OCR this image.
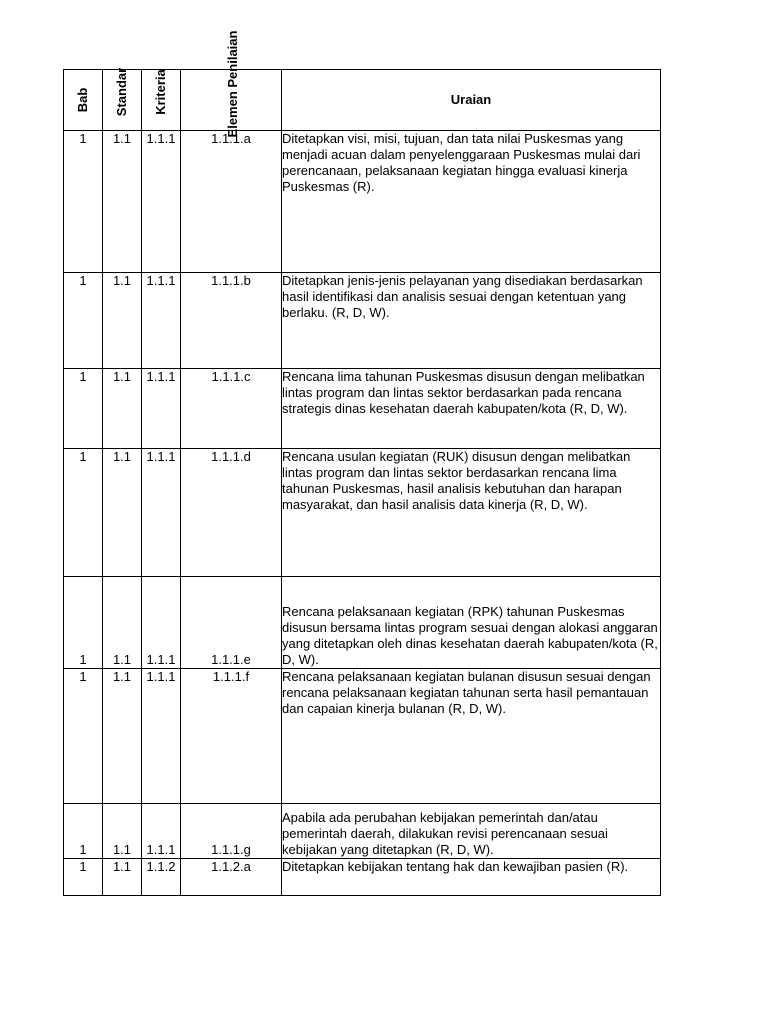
Bab	Standar	Kriteria	Elemen Penilaian	Uraian
1	1.1	1.1.1	1.1.1.a	Ditetapkan visi, misi, tujuan, dan tata nilai Puskesmas yang menjadi acuan dalam penyelenggaraan Puskesmas mulai dari perencanaan, pelaksanaan kegiatan hingga evaluasi kinerja Puskesmas (R).
1	1.1	1.1.1	1.1.1.b	Ditetapkan jenis-jenis pelayanan yang disediakan berdasarkan hasil identifikasi dan analisis sesuai dengan ketentuan yang berlaku. (R, D, W).
1	1.1	1.1.1	1.1.1.c	Rencana lima tahunan Puskesmas disusun dengan melibatkan lintas program dan lintas sektor berdasarkan pada rencana strategis dinas kesehatan daerah kabupaten/kota (R, D, W).
1	1.1	1.1.1	1.1.1.d	Rencana usulan kegiatan (RUK) disusun dengan melibatkan lintas program dan lintas sektor berdasarkan rencana lima tahunan Puskesmas, hasil analisis kebutuhan dan harapan masyarakat, dan hasil analisis data kinerja (R, D, W).
1	1.1	1.1.1	1.1.1.e	Rencana pelaksanaan kegiatan (RPK) tahunan Puskesmas disusun bersama lintas program sesuai dengan alokasi anggaran yang ditetapkan oleh dinas kesehatan daerah kabupaten/kota (R, D, W).
1	1.1	1.1.1	1.1.1.f	Rencana pelaksanaan kegiatan bulanan disusun sesuai dengan rencana pelaksanaan kegiatan tahunan serta hasil pemantauan dan capaian kinerja bulanan (R, D, W).
1	1.1	1.1.1	1.1.1.g	Apabila ada perubahan kebijakan pemerintah dan/atau pemerintah daerah, dilakukan revisi perencanaan sesuai kebijakan yang ditetapkan (R, D, W).
1	1.1	1.1.2	1.1.2.a	Ditetapkan kebijakan tentang hak dan kewajiban pasien (R).
